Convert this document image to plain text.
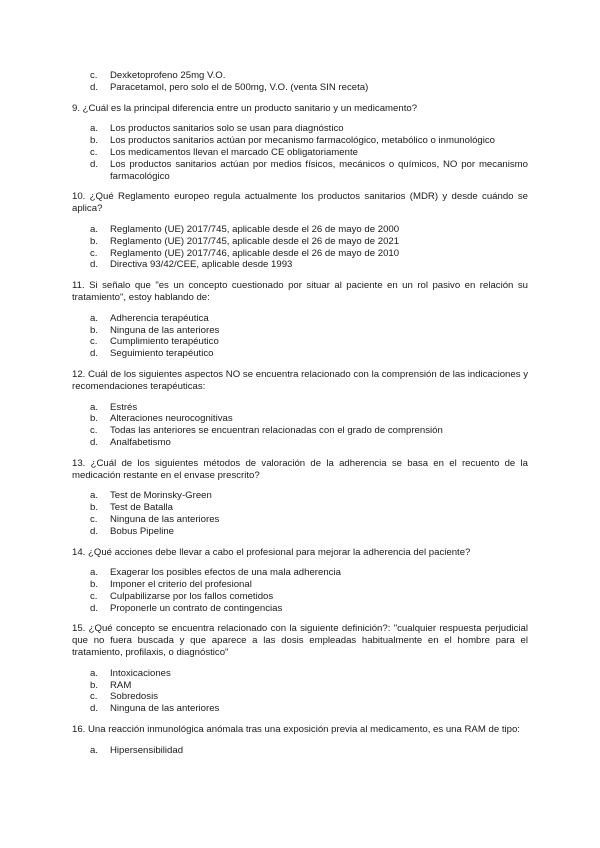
c.	Dexketoprofeno 25mg V.O.
d.	Paracetamol, pero solo el de 500mg, V.O. (venta SIN receta)

9. ¿Cuál es la principal diferencia entre un producto sanitario y un medicamento?

a.	Los productos sanitarios solo se usan para diagnóstico
b.	Los productos sanitarios actúan por mecanismo farmacológico, metabólico o inmunológico
c.	Los medicamentos llevan el marcado CE obligatoriamente
d.	Los productos sanitarios actúan por medios físicos, mecánicos o químicos, NO por mecanismo farmacológico

10. ¿Qué Reglamento europeo regula actualmente los productos sanitarios (MDR) y desde cuándo se aplica?

a.	Reglamento (UE) 2017/745, aplicable desde el 26 de mayo de 2000
b.	Reglamento (UE) 2017/745, aplicable desde el 26 de mayo de 2021
c.	Reglamento (UE) 2017/746, aplicable desde el 26 de mayo de 2010
d.	Directiva 93/42/CEE, aplicable desde 1993

11. Si señalo que "es un concepto cuestionado por situar al paciente en un rol pasivo en relación su tratamiento", estoy hablando de:

a.	Adherencia terapéutica
b.	Ninguna de las anteriores
c.	Cumplimiento terapéutico
d.	Seguimiento terapéutico

12. Cuál de los siguientes aspectos NO se encuentra relacionado con la comprensión de las indicaciones y recomendaciones terapéuticas:

a.	Estrés
b.	Alteraciones neurocognitivas
c.	Todas las anteriores se encuentran relacionadas con el grado de comprensión
d.	Analfabetismo

13. ¿Cuál de los siguientes métodos de valoración de la adherencia se basa en el recuento de la medicación restante en el envase prescrito?

a.	Test de Morinsky-Green
b.	Test de Batalla
c.	Ninguna de las anteriores
d.	Bobus Pipeline

14. ¿Qué acciones debe llevar a cabo el profesional para mejorar la adherencia del paciente?

a.	Exagerar los posibles efectos de una mala adherencia
b.	Imponer el criterio del profesional
c.	Culpabilizarse por los fallos cometidos
d.	Proponerle un contrato de contingencias

15. ¿Qué concepto se encuentra relacionado con la siguiente definición?: "cualquier respuesta perjudicial que no fuera buscada y que aparece a las dosis empleadas habitualmente en el hombre para el tratamiento, profilaxis, o diagnóstico"

a.	Intoxicaciones
b.	RAM
c.	Sobredosis
d.	Ninguna de las anteriores

16. Una reacción inmunológica anómala tras una exposición previa al medicamento, es una RAM de tipo:

a.	Hipersensibilidad
